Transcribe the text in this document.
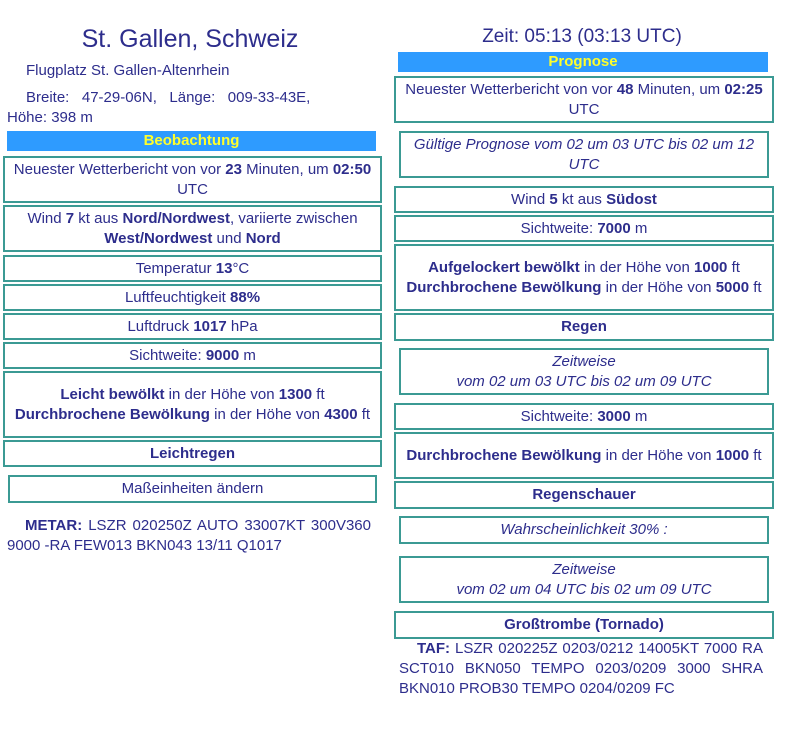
St. Gallen, Schweiz
Flugplatz St. Gallen-Altenrhein
Breite:   47-29-06N,   Länge:   009-33-43E,
Höhe: 398 m
Beobachtung
Neuester Wetterbericht von vor 23 Minuten, um 02:50 UTC
Wind 7 kt aus Nord/Nordwest, variierte zwischen West/Nordwest und Nord
Temperatur 13°C
Luftfeuchtigkeit 88%
Luftdruck 1017 hPa
Sichtweite: 9000 m
Leicht bewölkt in der Höhe von 1300 ft Durchbrochene Bewölkung in der Höhe von 4300 ft
Leichtregen
Maßeinheiten ändern
METAR: LSZR 020250Z AUTO 33007KT 300V360 9000 -RA FEW013 BKN043 13/11 Q1017
Zeit: 05:13 (03:13 UTC)
Prognose
Neuester Wetterbericht von vor 48 Minuten, um 02:25 UTC
Gültige Prognose vom 02 um 03 UTC bis 02 um 12 UTC
Wind 5 kt aus Südost
Sichtweite: 7000 m
Aufgelockert bewölkt in der Höhe von 1000 ft Durchbrochene Bewölkung in der Höhe von 5000 ft
Regen
Zeitweise
vom 02 um 03 UTC bis 02 um 09 UTC
Sichtweite: 3000 m
Durchbrochene Bewölkung in der Höhe von 1000 ft
Regenschauer
Wahrscheinlichkeit 30% :
Zeitweise
vom 02 um 04 UTC bis 02 um 09 UTC
Großtrombe (Tornado)
TAF: LSZR 020225Z 0203/0212 14005KT 7000 RA SCT010 BKN050 TEMPO 0203/0209 3000 SHRA BKN010 PROB30 TEMPO 0204/0209 FC
